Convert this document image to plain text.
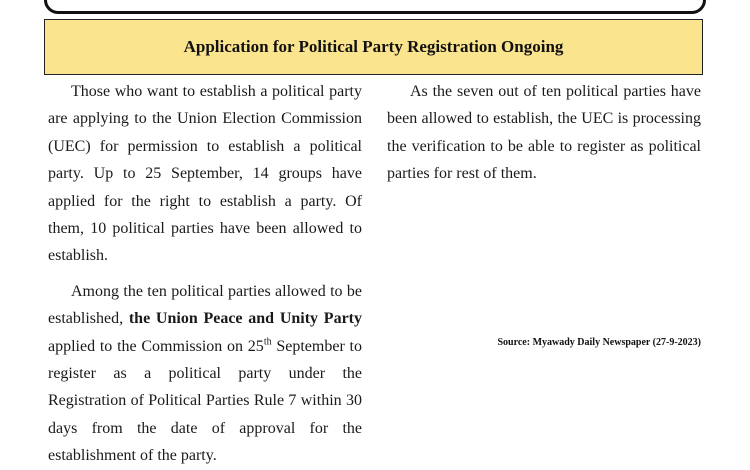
Application for Political Party Registration Ongoing

Those who want to establish a political party are applying to the Union Election Commission (UEC) for permission to establish a political party. Up to 25 September, 14 groups have applied for the right to establish a party. Of them, 10 political parties have been allowed to establish.

Among the ten political parties allowed to be established, the Union Peace and Unity Party applied to the Commission on 25th September to register as a political party under the Registration of Political Parties Rule 7 within 30 days from the date of approval for the establishment of the party.

As the seven out of ten political parties have been allowed to establish, the UEC is processing the verification to be able to register as political parties for rest of them.

Source: Myawady Daily Newspaper (27-9-2023)
